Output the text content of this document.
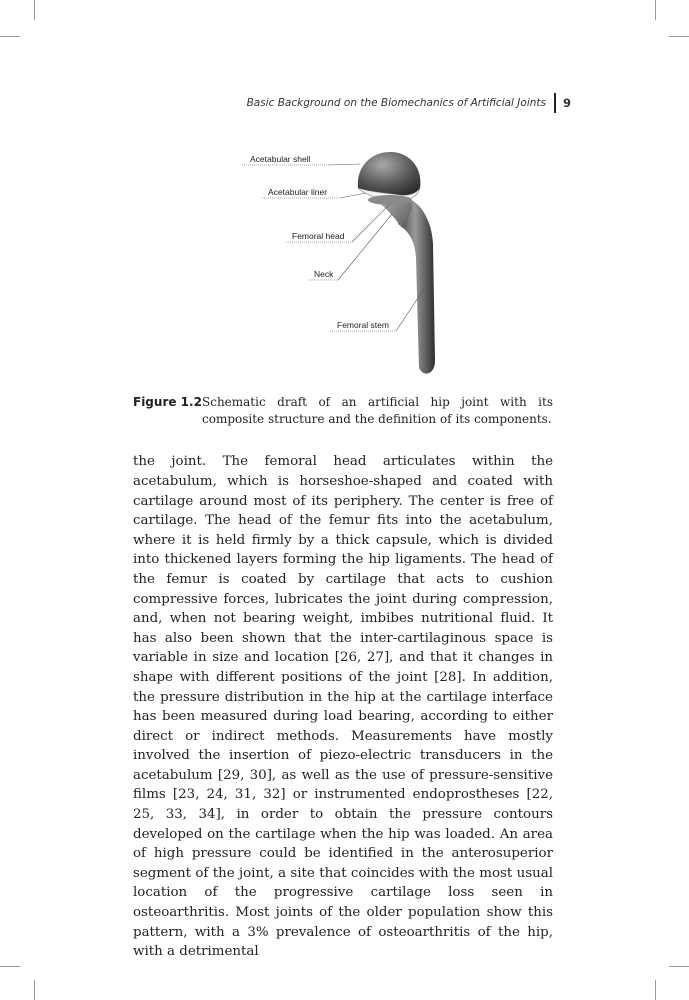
Basic Background on the Biomechanics of Artificial Joints 9
Acetabular shell
Acetabular liner
Femoral head
Neck
Femoral stem
Figure 1.2 Schematic draft of an artificial hip joint with its composite structure and the definition of its components.

the joint. The femoral head articulates within the acetabulum, which is horseshoe-shaped and coated with cartilage around most of its periphery. The center is free of cartilage. The head of the femur fits into the acetabulum, where it is held firmly by a thick capsule, which is divided into thickened layers forming the hip ligaments. The head of the femur is coated by cartilage that acts to cushion compressive forces, lubricates the joint during compression, and, when not bearing weight, imbibes nutritional fluid. It has also been shown that the inter-cartilaginous space is variable in size and location [26, 27], and that it changes in shape with different positions of the joint [28]. In addition, the pressure distribution in the hip at the cartilage interface has been measured during load bearing, according to either direct or indirect methods. Measurements have mostly involved the insertion of piezo-electric transducers in the acetabulum [29, 30], as well as the use of pressure-sensitive films [23, 24, 31, 32] or instrumented endoprostheses [22, 25, 33, 34], in order to obtain the pressure contours developed on the cartilage when the hip was loaded. An area of high pressure could be identified in the anterosuperior segment of the joint, a site that coincides with the most usual location of the progressive cartilage loss seen in osteoarthritis. Most joints of the older population show this pattern, with a 3% prevalence of osteoarthritis of the hip, with a detrimental
